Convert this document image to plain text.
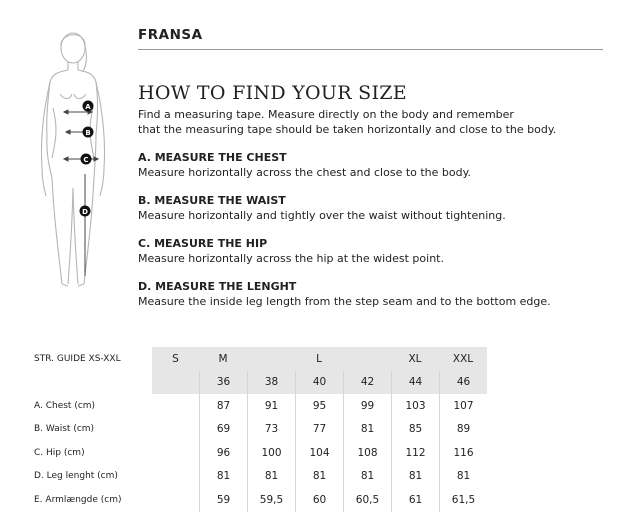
A
B
C
D
FRANSA
HOW TO FIND YOUR SIZE
Find a measuring tape. Measure directly on the body and remember
that the measuring tape should be taken horizontally and close to the body.
A. MEASURE THE CHEST
Measure horizontally across the chest and close to the body.
B. MEASURE THE WAIST
Measure horizontally and tightly over the waist without tightening.
C. MEASURE THE HIP
Measure horizontally across the hip at the widest point.
D. MEASURE THE LENGHT
Measure the inside leg length from the step seam and to the bottom edge.
STR. GUIDE XS-XXL	S	M		L		XL	XXL
		36	38	40	42	44	46
A. Chest (cm)		87	91	95	99	103	107
B. Waist (cm)		69	73	77	81	85	89
C. Hip (cm)		96	100	104	108	112	116
D. Leg lenght (cm)		81	81	81	81	81	81
E. Armlængde (cm)		59	59,5	60	60,5	61	61,5
